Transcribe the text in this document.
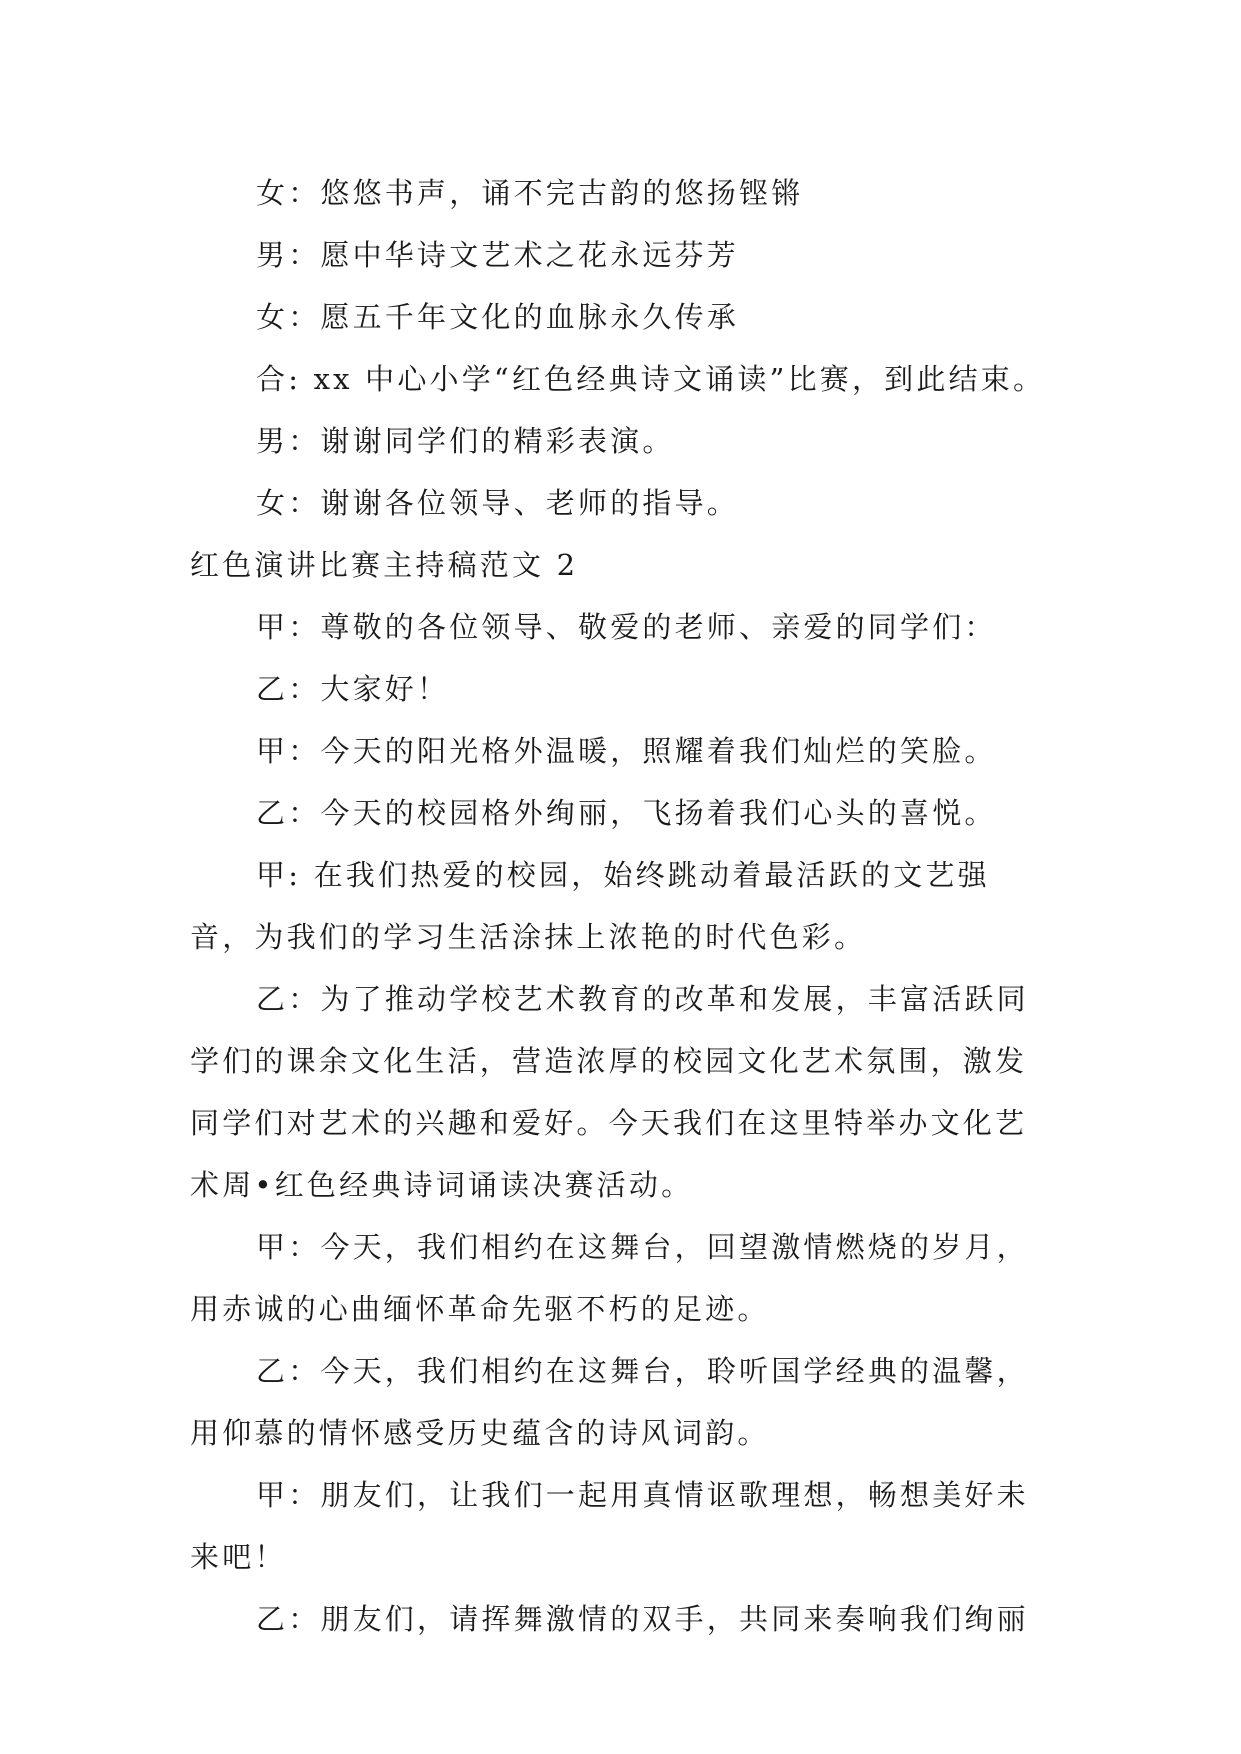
女：悠悠书声，诵不完古韵的悠扬铿锵

男：愿中华诗文艺术之花永远芬芳

女：愿五千年文化的血脉永久传承

合: xx 中心小学“红色经典诗文诵读”比赛，到此结束。

男：谢谢同学们的精彩表演。

女：谢谢各位领导、老师的指导。

红色演讲比赛主持稿范文 2

甲：尊敬的各位领导、敬爱的老师、亲爱的同学们：

乙：大家好！

甲：今天的阳光格外温暖，照耀着我们灿烂的笑脸。

乙：今天的校园格外绚丽，飞扬着我们心头的喜悦。

甲: 在我们热爱的校园，始终跳动着最活跃的文艺强音，为我们的学习生活涂抹上浓艳的时代色彩。

乙：为了推动学校艺术教育的改革和发展，丰富活跃同学们的课余文化生活，营造浓厚的校园文化艺术氛围，激发同学们对艺术的兴趣和爱好。今天我们在这里特举办文化艺术周•红色经典诗词诵读决赛活动。

甲：今天，我们相约在这舞台，回望激情燃烧的岁月，用赤诚的心曲缅怀革命先驱不朽的足迹。

乙：今天，我们相约在这舞台，聆听国学经典的温馨，用仰慕的情怀感受历史蕴含的诗风词韵。

甲：朋友们，让我们一起用真情讴歌理想，畅想美好未来吧！

乙：朋友们，请挥舞激情的双手，共同来奏响我们绚丽
